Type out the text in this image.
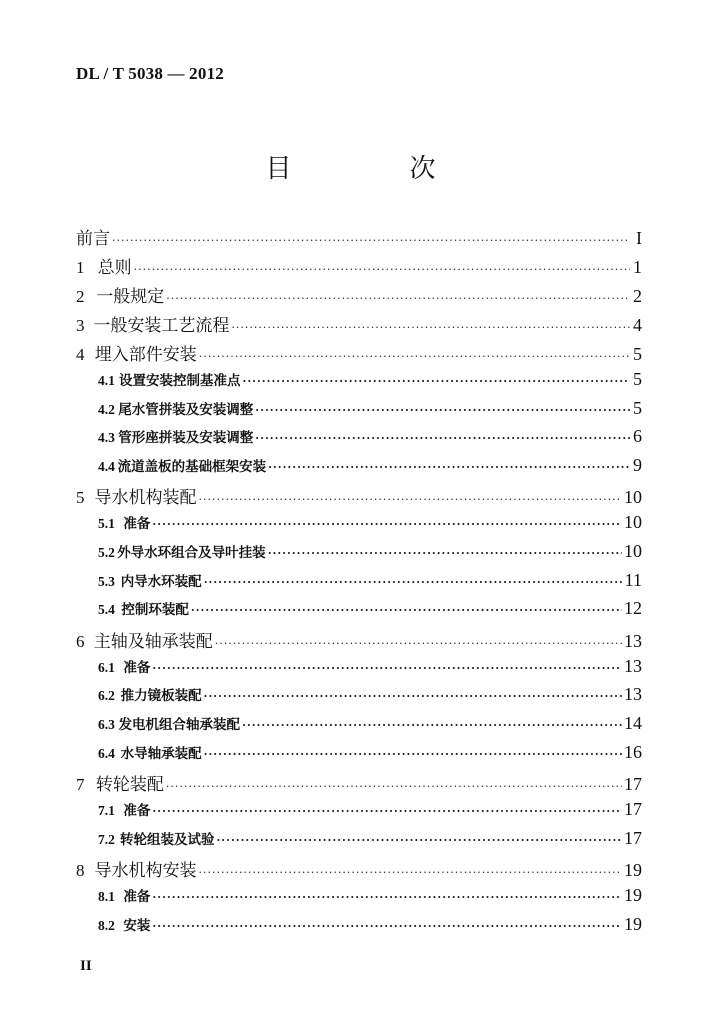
DL / T 5038 — 2012
目　次
前言 ·····	I
1 总则 ·····	1
2 一般规定 ·····	2
3 一般安装工艺流程 ·····	4
4 埋入部件安装 ·····	5
4.1 设置安装控制基准点 ·····	5
4.2 尾水管拼装及安装调整 ·····	5
4.3 管形座拼装及安装调整 ·····	6
4.4 流道盖板的基础框架安装 ·····	9
5 导水机构装配 ·····	10
5.1 准备 ·····	10
5.2 外导水环组合及导叶挂装 ·····	10
5.3 内导水环装配 ·····	11
5.4 控制环装配 ·····	12
6 主轴及轴承装配 ·····	13
6.1 准备 ·····	13
6.2 推力镜板装配 ·····	13
6.3 发电机组合轴承装配 ·····	14
6.4 水导轴承装配 ·····	16
7 转轮装配 ·····	17
7.1 准备 ·····	17
7.2 转轮组装及试验 ·····	17
8 导水机构安装 ·····	19
8.1 准备 ·····	19
8.2 安装 ·····	19
II
